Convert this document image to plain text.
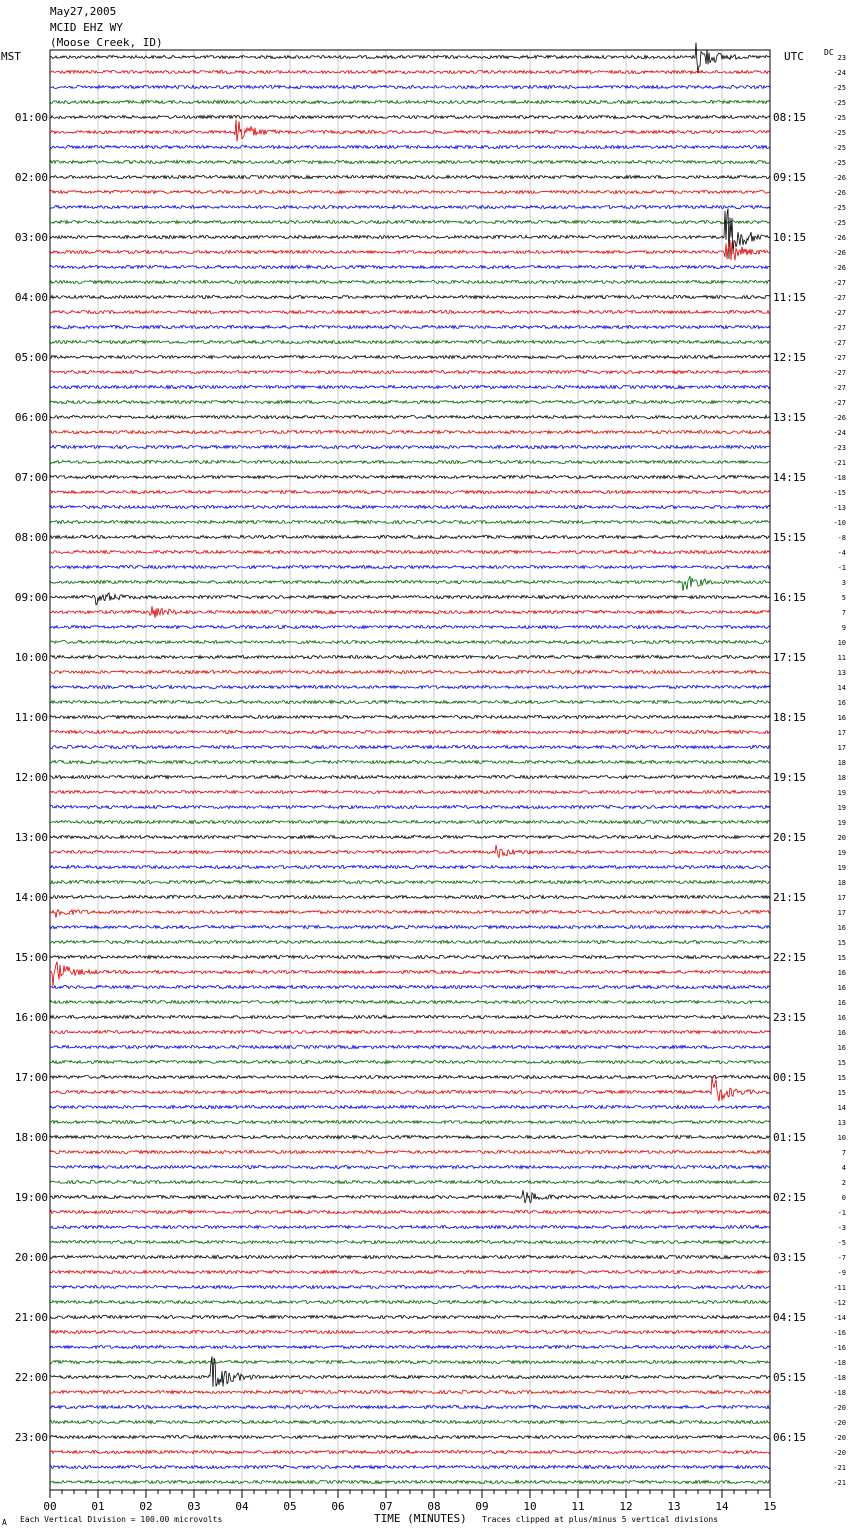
May27,2005
MCID EHZ WY
(Moose Creek, ID)
MST	UTC	DC
23
-24
-25
-25
-25
-25
-25
-25
-26
-26
-25
-25
-26
-26
-26
-27
-27
-27
-27
-27
-27
-27
-27
-27
-26
-24
-23
-21
-18
-15
-13
-10
-8
-4
-1
3
5
7
9
10
11
13
14
16
16
17
17
18
18
19
19
19
20
19
19
18
17
17
16
15
15
16
16
16
16
16
16
15
15
15
14
13
10
7
4
2
0
-1
-3
-5
-7
-9
-11
-12
-14
-16
-16
-18
-18
-18
-20
-20
-20
-20
-21
-21
01:00
02:00
03:00
04:00
05:00
06:00
07:00
08:00
09:00
10:00
11:00
12:00
13:00
14:00
15:00
16:00
17:00
18:00
19:00
20:00
21:00
22:00
23:00
08:15
09:15
10:15
11:15
12:15
13:15
14:15
15:15
16:15
17:15
18:15
19:15
20:15
21:15
22:15
23:15
00:15
01:15
02:15
03:15
04:15
05:15
06:15
00	01	02	03	04	05	06	07	08	09	10	11	12	13	14	15
A Each Vertical Division = 100.00 microvolts	TIME (MINUTES) Traces clipped at plus/minus 5 vertical divisions
